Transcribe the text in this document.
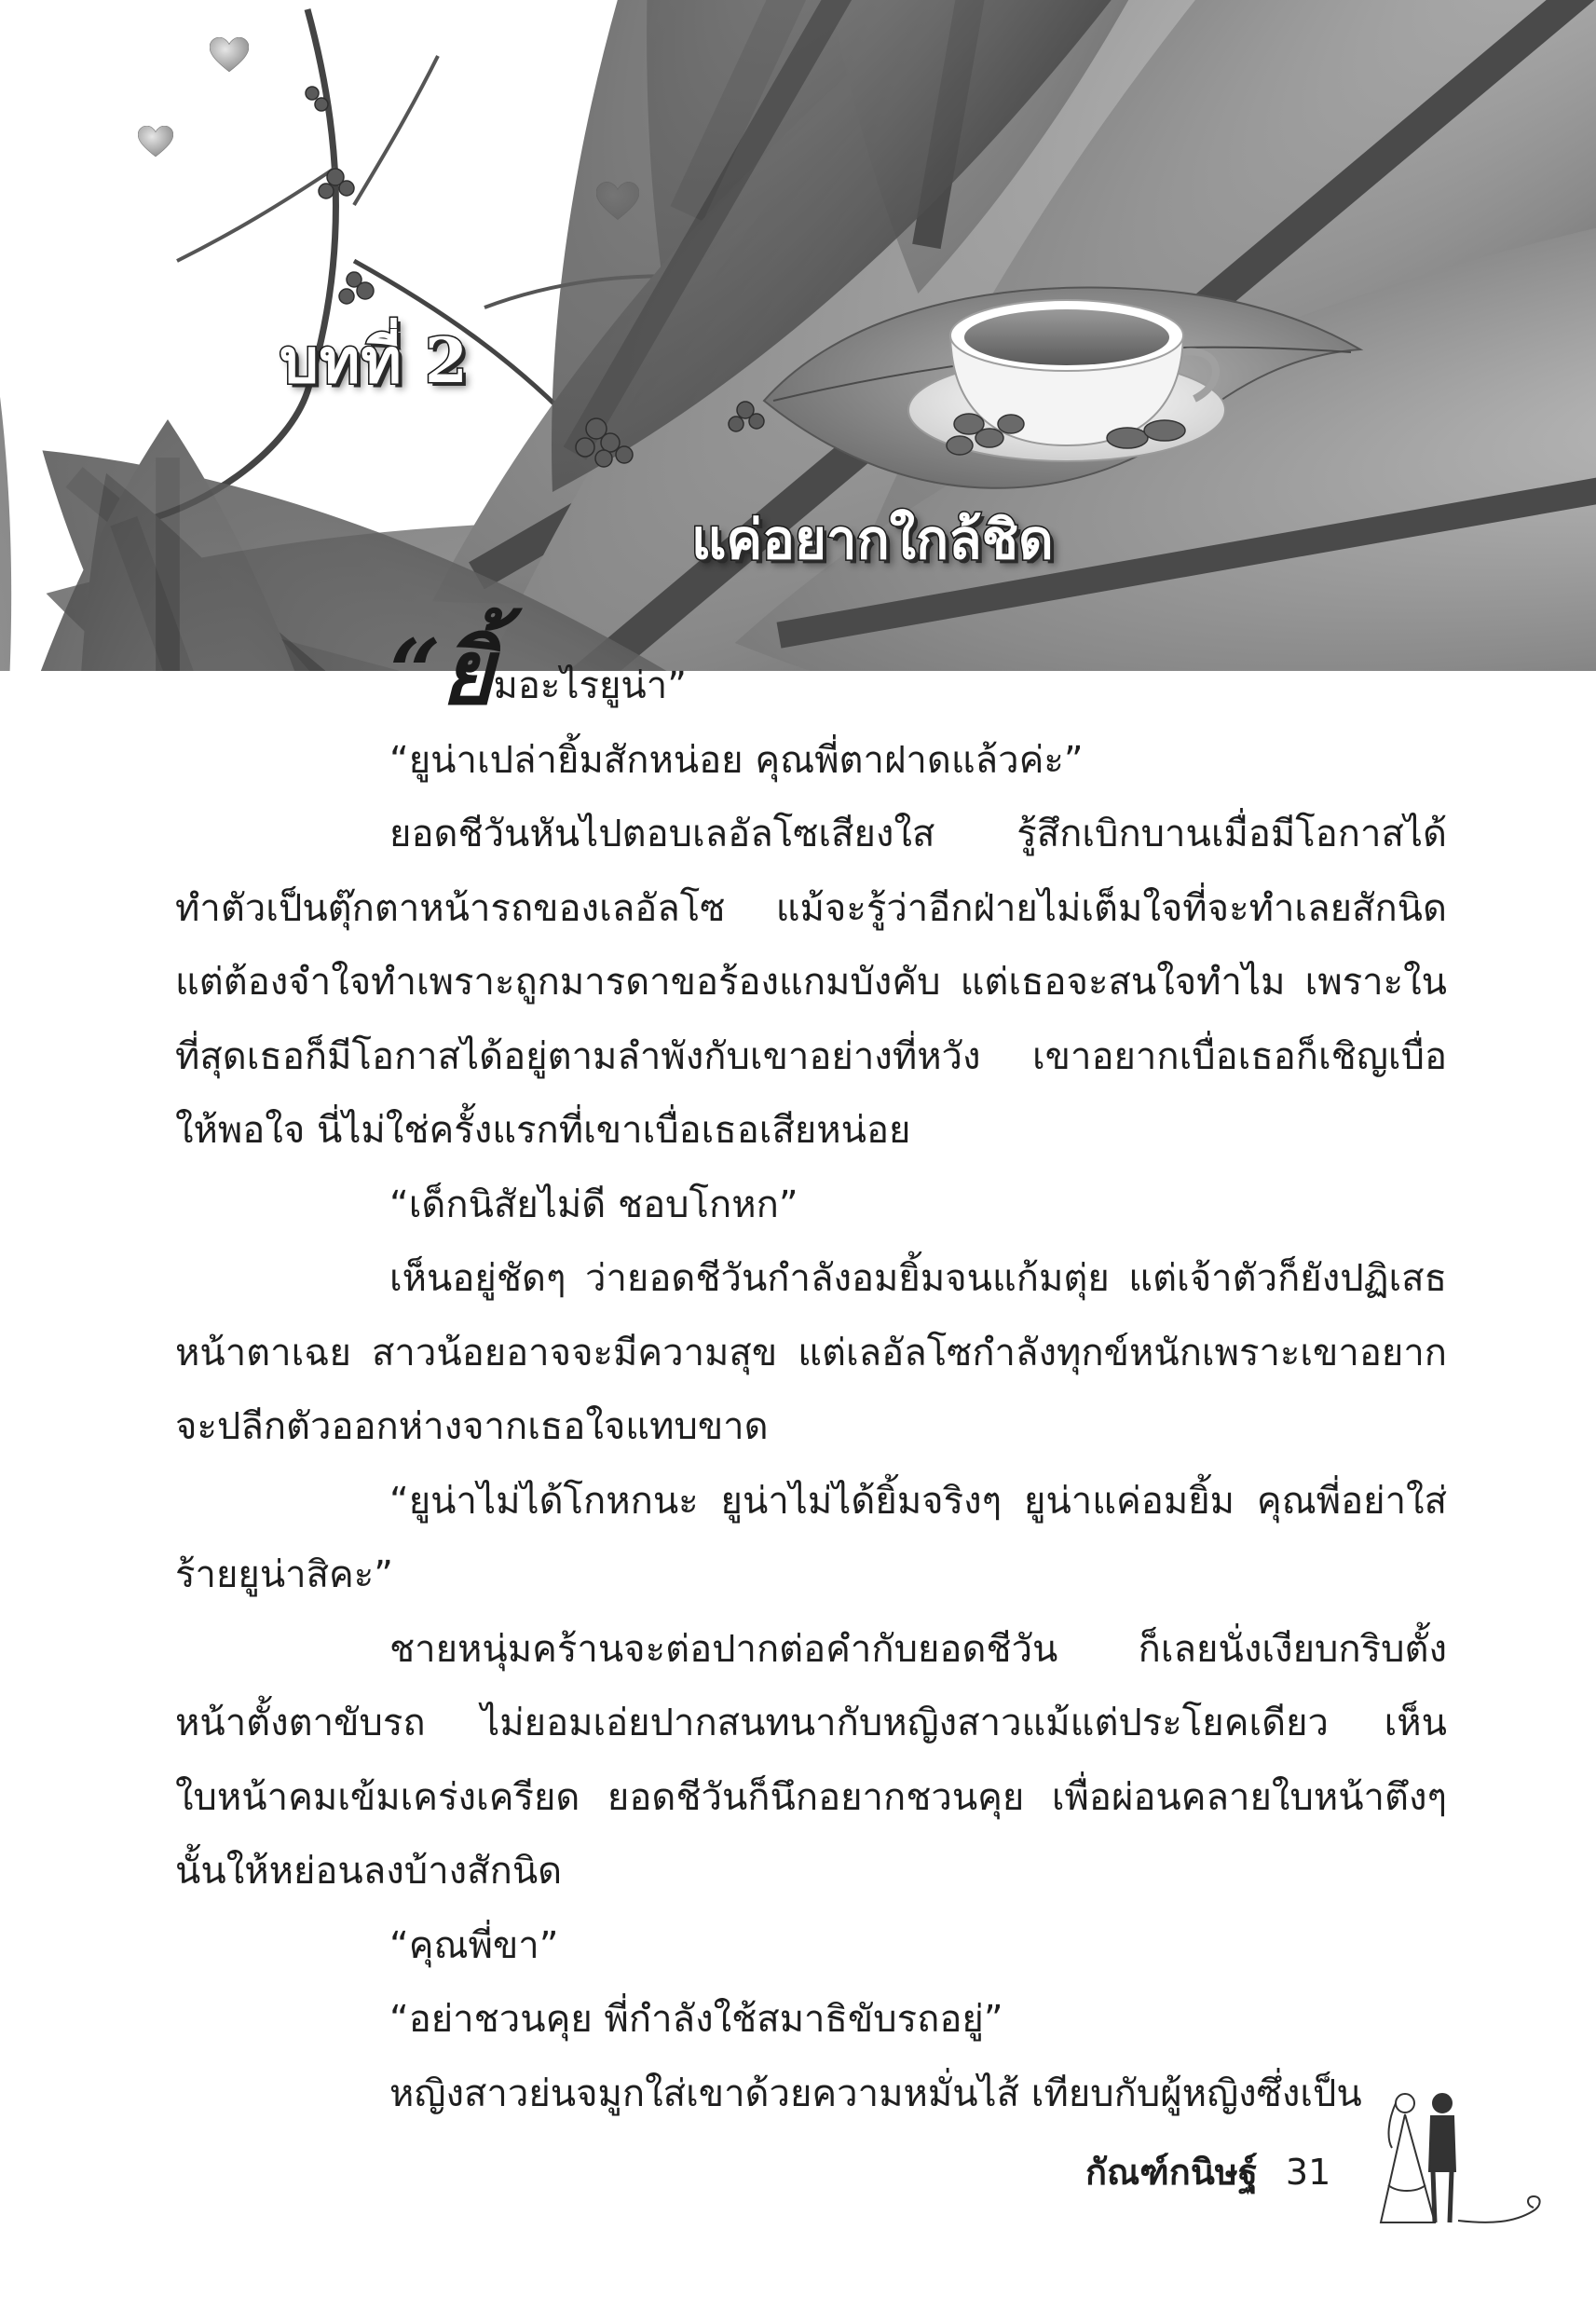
บทที่ 2
แค่อยากใกล้ชิด

“ยิ้มอะไรยูน่า”

“ยูน่าเปล่ายิ้มสักหน่อย คุณพี่ตาฝาดแล้วค่ะ”

ยอดชีวันหันไปตอบเลอัลโซเสียงใส รู้สึกเบิกบานเมื่อมีโอกาสได้ทำตัวเป็นตุ๊กตาหน้ารถของเลอัลโซ แม้จะรู้ว่าอีกฝ่ายไม่เต็มใจที่จะทำเลยสักนิด แต่ต้องจำใจทำเพราะถูกมารดาขอร้องแกมบังคับ แต่เธอจะสนใจทำไม เพราะในที่สุดเธอก็มีโอกาสได้อยู่ตามลำพังกับเขาอย่างที่หวัง เขาอยากเบื่อเธอก็เชิญเบื่อให้พอใจ นี่ไม่ใช่ครั้งแรกที่เขาเบื่อเธอเสียหน่อย

“เด็กนิสัยไม่ดี ชอบโกหก”

เห็นอยู่ชัดๆ ว่ายอดชีวันกำลังอมยิ้มจนแก้มตุ่ย แต่เจ้าตัวก็ยังปฏิเสธหน้าตาเฉย สาวน้อยอาจจะมีความสุข แต่เลอัลโซกำลังทุกข์หนักเพราะเขาอยากจะปลีกตัวออกห่างจากเธอใจแทบขาด

“ยูน่าไม่ได้โกหกนะ ยูน่าไม่ได้ยิ้มจริงๆ ยูน่าแค่อมยิ้ม คุณพี่อย่าใส่ร้ายยูน่าสิคะ”

ชายหนุ่มคร้านจะต่อปากต่อคำกับยอดชีวัน ก็เลยนั่งเงียบกริบตั้งหน้าตั้งตาขับรถ ไม่ยอมเอ่ยปากสนทนากับหญิงสาวแม้แต่ประโยคเดียว เห็นใบหน้าคมเข้มเคร่งเครียด ยอดชีวันก็นึกอยากชวนคุย เพื่อผ่อนคลายใบหน้าตึงๆ นั้นให้หย่อนลงบ้างสักนิด

“คุณพี่ขา”

“อย่าชวนคุย พี่กำลังใช้สมาธิขับรถอยู่”

หญิงสาวย่นจมูกใส่เขาด้วยความหมั่นไส้ เทียบกับผู้หญิงซึ่งเป็น

กัณฑ์กนิษฐ์ 31
